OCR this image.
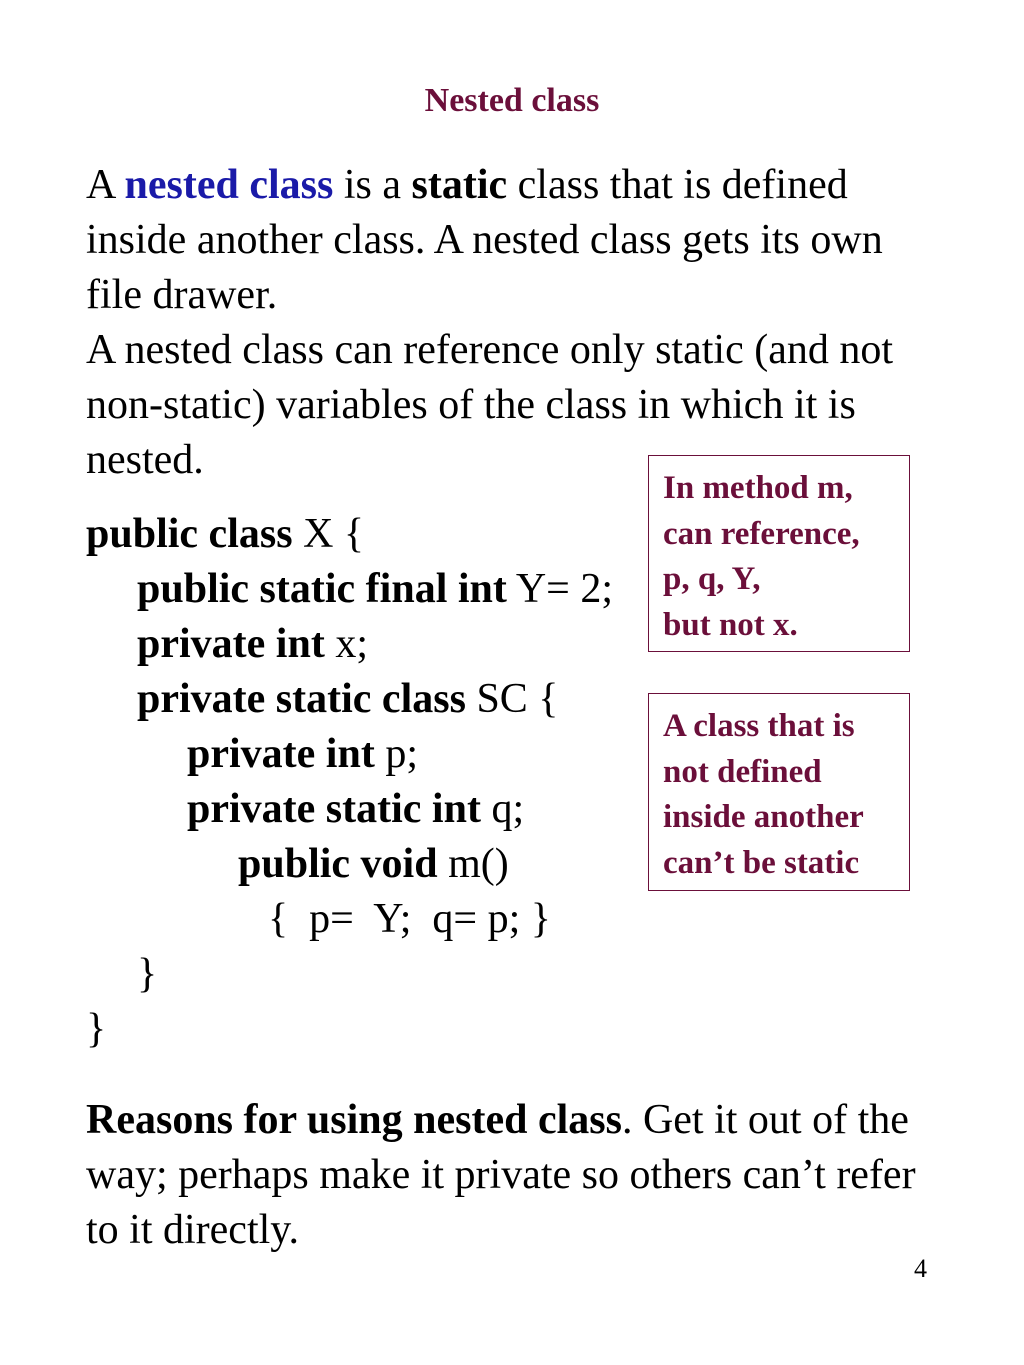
Nested class

A nested class is a static class that is defined inside another class. A nested class gets its own file drawer.
A nested class can reference only static (and not non-static) variables of the class in which it is nested.

public class X {
public static final int Y= 2;
private int x;
private static class SC {
private int p;
private static int q;
public void m()
{  p=  Y;  q= p; }
}
}
In method m,
can reference,
p, q, Y,
but not x.
A class that is
not defined
inside another
can’t be static

Reasons for using nested class. Get it out of the way; perhaps make it private so others can’t refer to it directly.

4
